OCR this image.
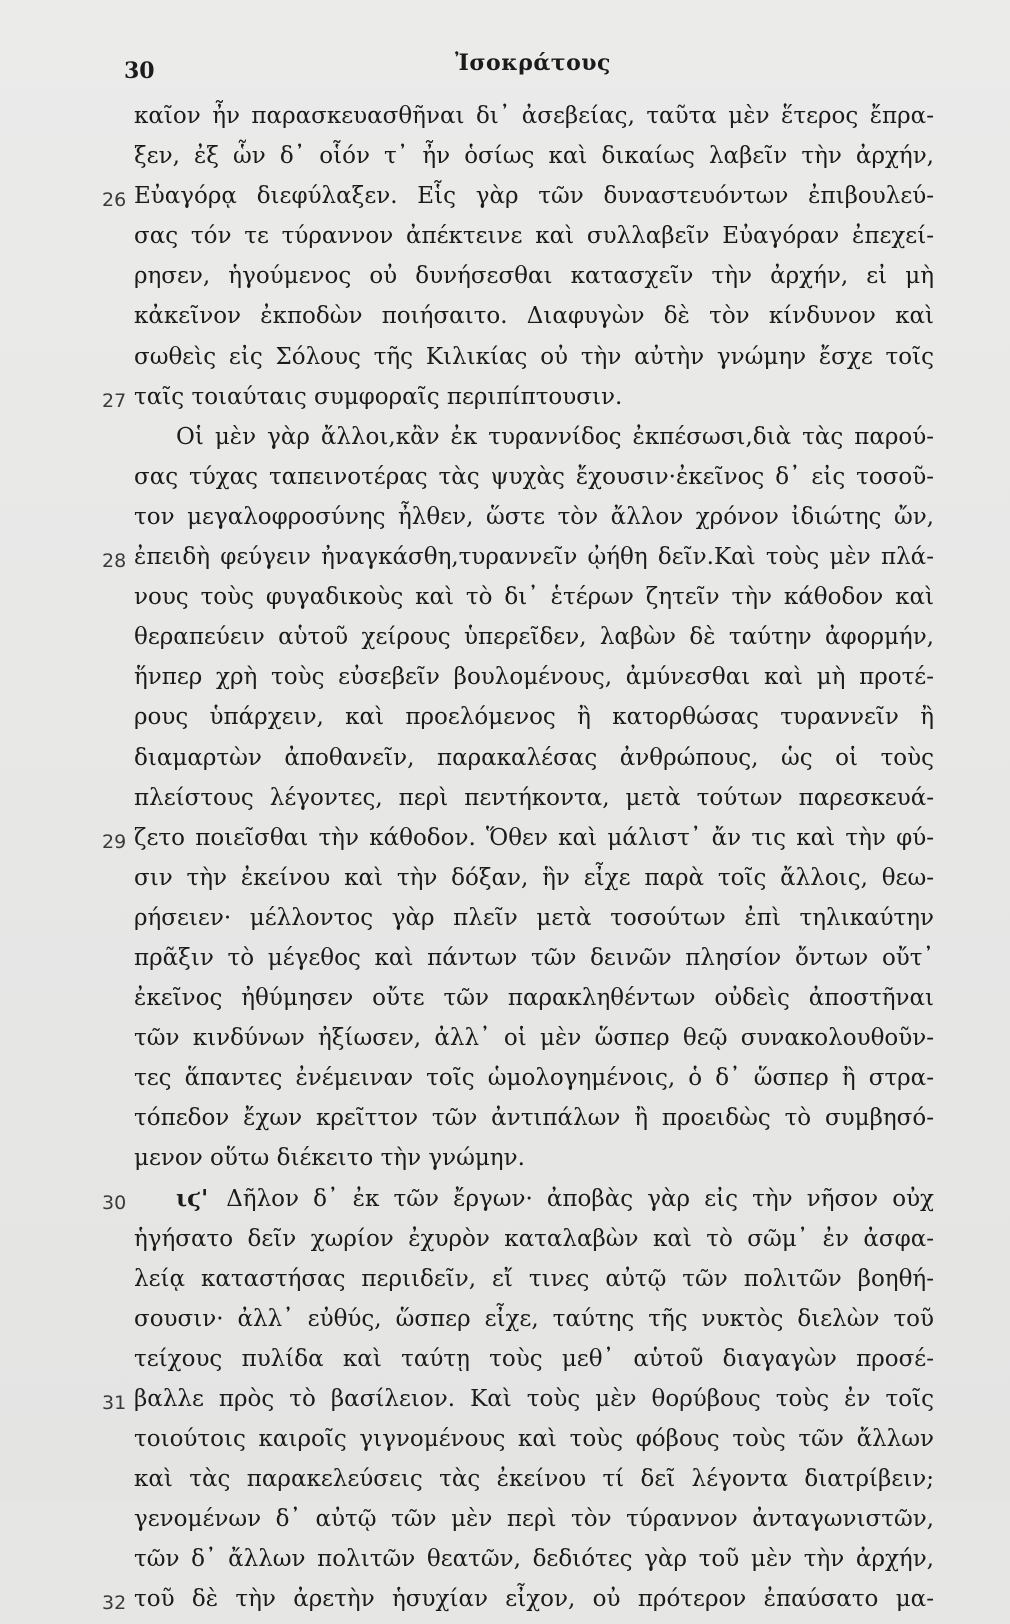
30	Ἰσοκράτους
καῖον ἦν παρασκευασθῆναι δι᾿ ἀσεβείας, ταῦτα μὲν ἕτερος ἔπρα-
ξεν, ἐξ ὧν δ᾿ οἷόν τ᾿ ἦν ὁσίως καὶ δικαίως λαβεῖν τὴν ἀρχήν,
26 Εὐαγόρᾳ διεφύλαξεν. Εἷς γὰρ τῶν δυναστευόντων ἐπιβουλεύ-
σας τόν τε τύραννον ἀπέκτεινε καὶ συλλαβεῖν Εὐαγόραν ἐπεχεί-
ρησεν, ἡγούμενος οὐ δυνήσεσθαι κατασχεῖν τὴν ἀρχήν, εἰ μὴ
κἀκεῖνον ἐκποδὼν ποιήσαιτο. Διαφυγὼν δὲ τὸν κίνδυνον καὶ
σωθεὶς εἰς Σόλους τῆς Κιλικίας οὐ τὴν αὐτὴν γνώμην ἔσχε τοῖς
27 ταῖς τοιαύταις συμφοραῖς περιπίπτουσιν.
Οἱ μὲν γὰρ ἄλλοι,κἂν ἐκ τυραννίδος ἐκπέσωσι,διὰ τὰς παρού-
σας τύχας ταπεινοτέρας τὰς ψυχὰς ἔχουσιν·ἐκεῖνος δ᾿ εἰς τοσοῦ-
τον μεγαλοφροσύνης ἦλθεν, ὥστε τὸν ἄλλον χρόνον ἰδιώτης ὤν,
28 ἐπειδὴ φεύγειν ἠναγκάσθη,τυραννεῖν ᾠήθη δεῖν.Καὶ τοὺς μὲν πλά-
νους τοὺς φυγαδικοὺς καὶ τὸ δι᾿ ἑτέρων ζητεῖν τὴν κάθοδον καὶ
θεραπεύειν αὑτοῦ χείρους ὑπερεῖδεν, λαβὼν δὲ ταύτην ἀφορμήν,
ἥνπερ χρὴ τοὺς εὐσεβεῖν βουλομένους, ἀμύνεσθαι καὶ μὴ προτέ-
ρους ὑπάρχειν, καὶ προελόμενος ἢ κατορθώσας τυραννεῖν ἢ
διαμαρτὼν ἀποθανεῖν, παρακαλέσας ἀνθρώπους, ὡς οἱ τοὺς
πλείστους λέγοντες, περὶ πεντήκοντα, μετὰ τούτων παρεσκευά-
29 ζετο ποιεῖσθαι τὴν κάθοδον. Ὅθεν καὶ μάλιστ᾿ ἄν τις καὶ τὴν φύ-
σιν τὴν ἐκείνου καὶ τὴν δόξαν, ἣν εἶχε παρὰ τοῖς ἄλλοις, θεω-
ρήσειεν· μέλλοντος γὰρ πλεῖν μετὰ τοσούτων ἐπὶ τηλικαύτην
πρᾶξιν τὸ μέγεθος καὶ πάντων τῶν δεινῶν πλησίον ὄντων οὔτ᾿
ἐκεῖνος ἠθύμησεν οὔτε τῶν παρακληθέντων οὐδεὶς ἀποστῆναι
τῶν κινδύνων ἠξίωσεν, ἀλλ᾿ οἱ μὲν ὥσπερ θεῷ συνακολουθοῦν-
τες ἅπαντες ἐνέμειναν τοῖς ὡμολογημένοις, ὁ δ᾿ ὥσπερ ἢ στρα-
τόπεδον ἔχων κρεῖττον τῶν ἀντιπάλων ἢ προειδὼς τὸ συμβησό-
μενον οὕτω διέκειτο τὴν γνώμην.
30 ιϛ' Δῆλον δ᾿ ἐκ τῶν ἔργων· ἀποβὰς γὰρ εἰς τὴν νῆσον οὐχ
ἡγήσατο δεῖν χωρίον ἐχυρὸν καταλαβὼν καὶ τὸ σῶμ᾿ ἐν ἀσφα-
λείᾳ καταστήσας περιιδεῖν, εἴ τινες αὐτῷ τῶν πολιτῶν βοηθή-
σουσιν· ἀλλ᾿ εὐθύς, ὥσπερ εἶχε, ταύτης τῆς νυκτὸς διελὼν τοῦ
τείχους πυλίδα καὶ ταύτῃ τοὺς μεθ᾿ αὑτοῦ διαγαγὼν προσέ-
31 βαλλε πρὸς τὸ βασίλειον. Καὶ τοὺς μὲν θορύβους τοὺς ἐν τοῖς
τοιούτοις καιροῖς γιγνομένους καὶ τοὺς φόβους τοὺς τῶν ἄλλων
καὶ τὰς παρακελεύσεις τὰς ἐκείνου τί δεῖ λέγοντα διατρίβειν;
γενομένων δ᾿ αὐτῷ τῶν μὲν περὶ τὸν τύραννον ἀνταγωνιστῶν,
τῶν δ᾿ ἄλλων πολιτῶν θεατῶν, δεδιότες γὰρ τοῦ μὲν τὴν ἀρχήν,
32 τοῦ δὲ τὴν ἀρετὴν ἡσυχίαν εἶχον, οὐ πρότερον ἐπαύσατο μα-
